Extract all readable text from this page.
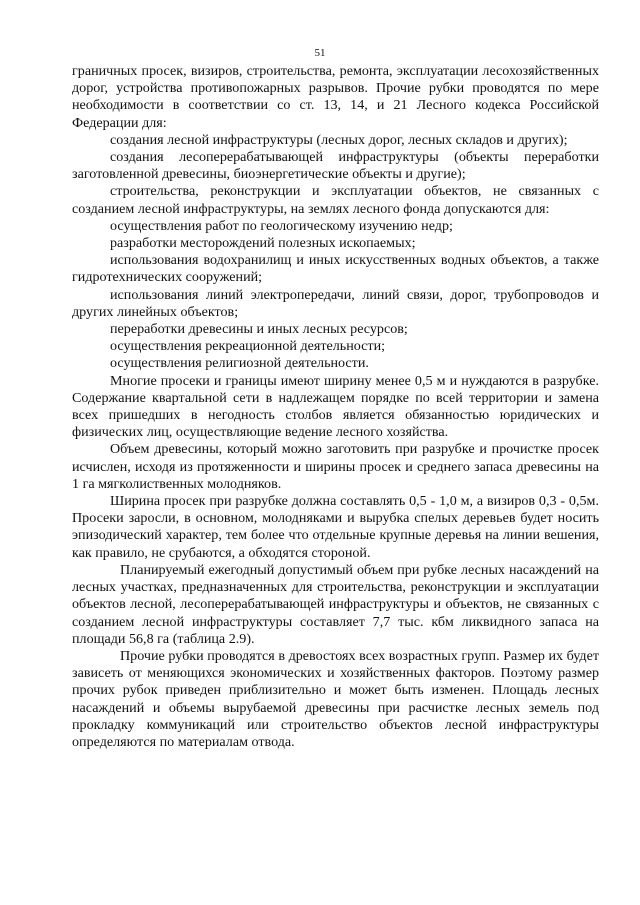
51

граничных просек, визиров, строительства, ремонта, эксплуатации лесохозяйственных дорог, устройства противопожарных разрывов. Прочие рубки проводятся по мере необходимости в соответствии со ст. 13, 14, и 21 Лесного кодекса Российской Федерации для:

создания лесной инфраструктуры (лесных дорог, лесных складов и других);

создания лесоперерабатывающей инфраструктуры (объекты переработки заготовленной древесины, биоэнергетические объекты и другие);

строительства, реконструкции и эксплуатации объектов, не связанных с созданием лесной инфраструктуры, на землях лесного фонда допускаются для:

осуществления работ по геологическому изучению недр;

разработки месторождений полезных ископаемых;

использования водохранилищ и иных искусственных водных объектов, а также гидротехнических сооружений;

использования линий электропередачи, линий связи, дорог, трубопроводов и других линейных объектов;

переработки древесины и иных лесных ресурсов;

осуществления рекреационной деятельности;

осуществления религиозной деятельности.

Многие просеки и границы имеют ширину менее 0,5 м и нуждаются в разрубке. Содержание квартальной сети в надлежащем порядке по всей территории и замена всех пришедших в негодность столбов является обязанностью юридических и физических лиц, осуществляющие ведение лесного хозяйства.

Объем древесины, который можно заготовить при разрубке и прочистке просек исчислен, исходя из протяженности и ширины просек и среднего запаса древесины на 1 га мягколиственных молодняков.

Ширина просек при разрубке должна составлять 0,5 - 1,0 м, а визиров 0,3 - 0,5м. Просеки заросли, в основном, молодняками и вырубка спелых деревьев будет носить эпизодический характер, тем более что отдельные крупные деревья на линии вешения, как правило, не срубаются, а обходятся стороной.

Планируемый ежегодный допустимый объем при рубке лесных насаждений на лесных участках, предназначенных для строительства, реконструкции и эксплуатации объектов лесной, лесоперерабатывающей инфраструктуры и объектов, не связанных с созданием лесной инфраструктуры составляет 7,7 тыс. кбм ликвидного запаса на площади 56,8 га (таблица 2.9).

Прочие рубки проводятся в древостоях всех возрастных групп. Размер их будет зависеть от меняющихся экономических и хозяйственных факторов. Поэтому размер прочих рубок приведен приблизительно и может быть изменен. Площадь лесных насаждений и объемы вырубаемой древесины при расчистке лесных земель под прокладку коммуникаций или строительство объектов лесной инфраструктуры определяются по материалам отвода.
